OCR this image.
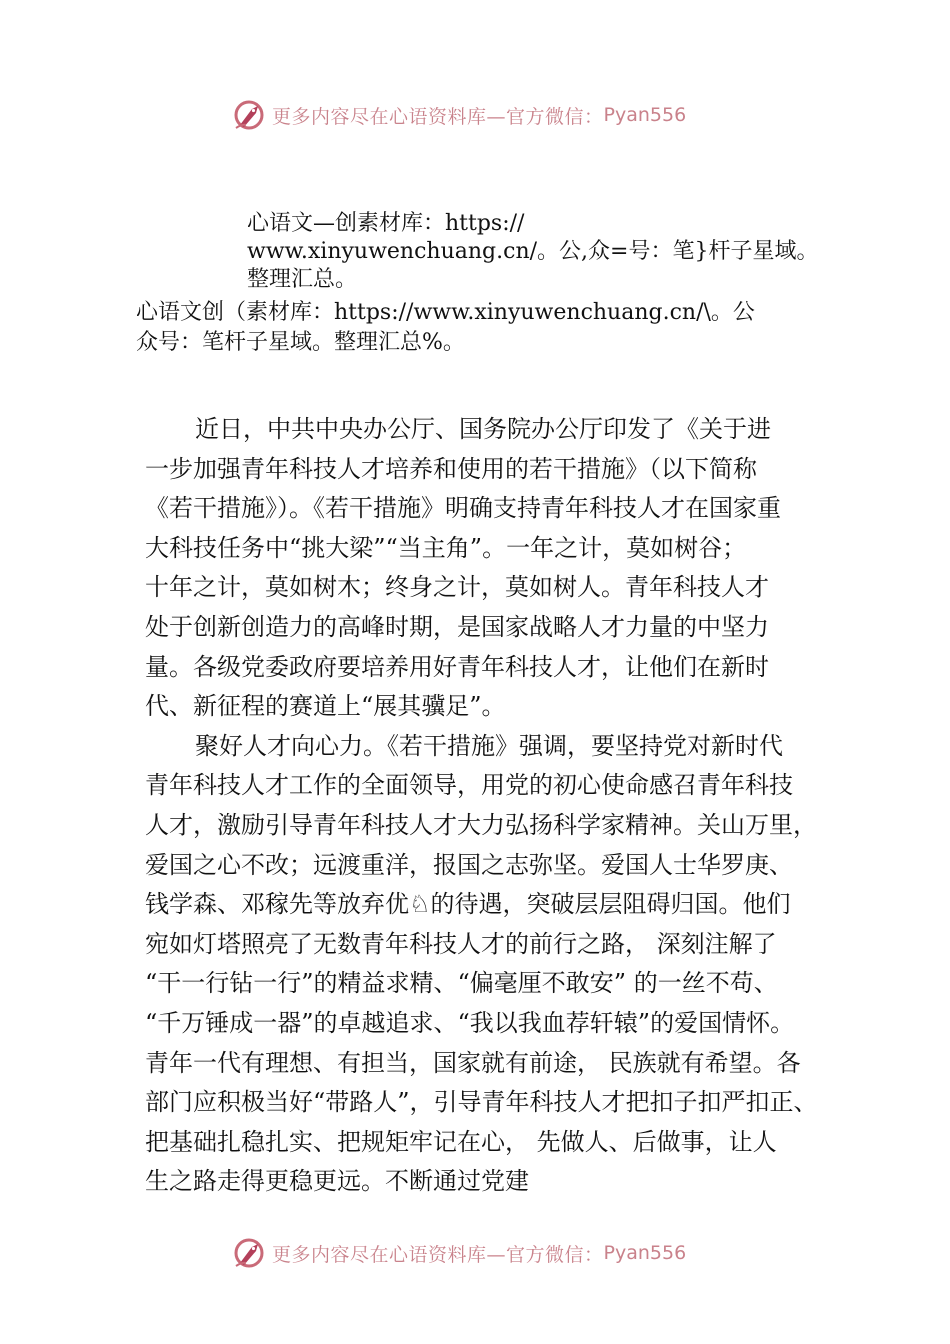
更多内容尽在心语资料库—官方微信： Pyan556
心语文—创素材库：https://
www.xinyuwenchuang.cn/。公,众=号：笔}杆子星域。
整理汇总。
心语文创（素材库：https://www.xinyuwenchuang.cn/\。公
众号：笔杆子星域。整理汇总%。
近日，中共中央办公厅、国务院办公厅印发了《关于进
一步加强青年科技人才培养和使用的若干措施》（以下简称
《若干措施》）。《若干措施》明确支持青年科技人才在国家重
大科技任务中“挑大梁”“当主角”。一年之计，莫如树谷；
十年之计，莫如树木；终身之计，莫如树人。青年科技人才
处于创新创造力的高峰时期，是国家战略人才力量的中坚力
量。各级党委政府要培养用好青年科技人才，让他们在新时
代、新征程的赛道上“展其骥足”。
聚好人才向心力。《若干措施》强调，要坚持党对新时代
青年科技人才工作的全面领导，用党的初心使命感召青年科技
人才，激励引导青年科技人才大力弘扬科学家精神。关山万里，
爱国之心不改；远渡重洋，报国之志弥坚。爱国人士华罗庚、
钱学森、邓稼先等放弃优♘的待遇，突破层层阻碍归国。他们
宛如灯塔照亮了无数青年科技人才的前行之路， 深刻注解了
“干一行钻一行”的精益求精、“偏毫厘不敢安” 的一丝不苟、
“千万锤成一器”的卓越追求、“我以我血荐轩辕”的爱国情怀。
青年一代有理想、有担当，国家就有前途， 民族就有希望。各
部门应积极当好“带路人”，引导青年科技人才把扣子扣严扣正、
把基础扎稳扎实、把规矩牢记在心， 先做人、后做事，让人
生之路走得更稳更远。不断通过党建
更多内容尽在心语资料库—官方微信： Pyan556
